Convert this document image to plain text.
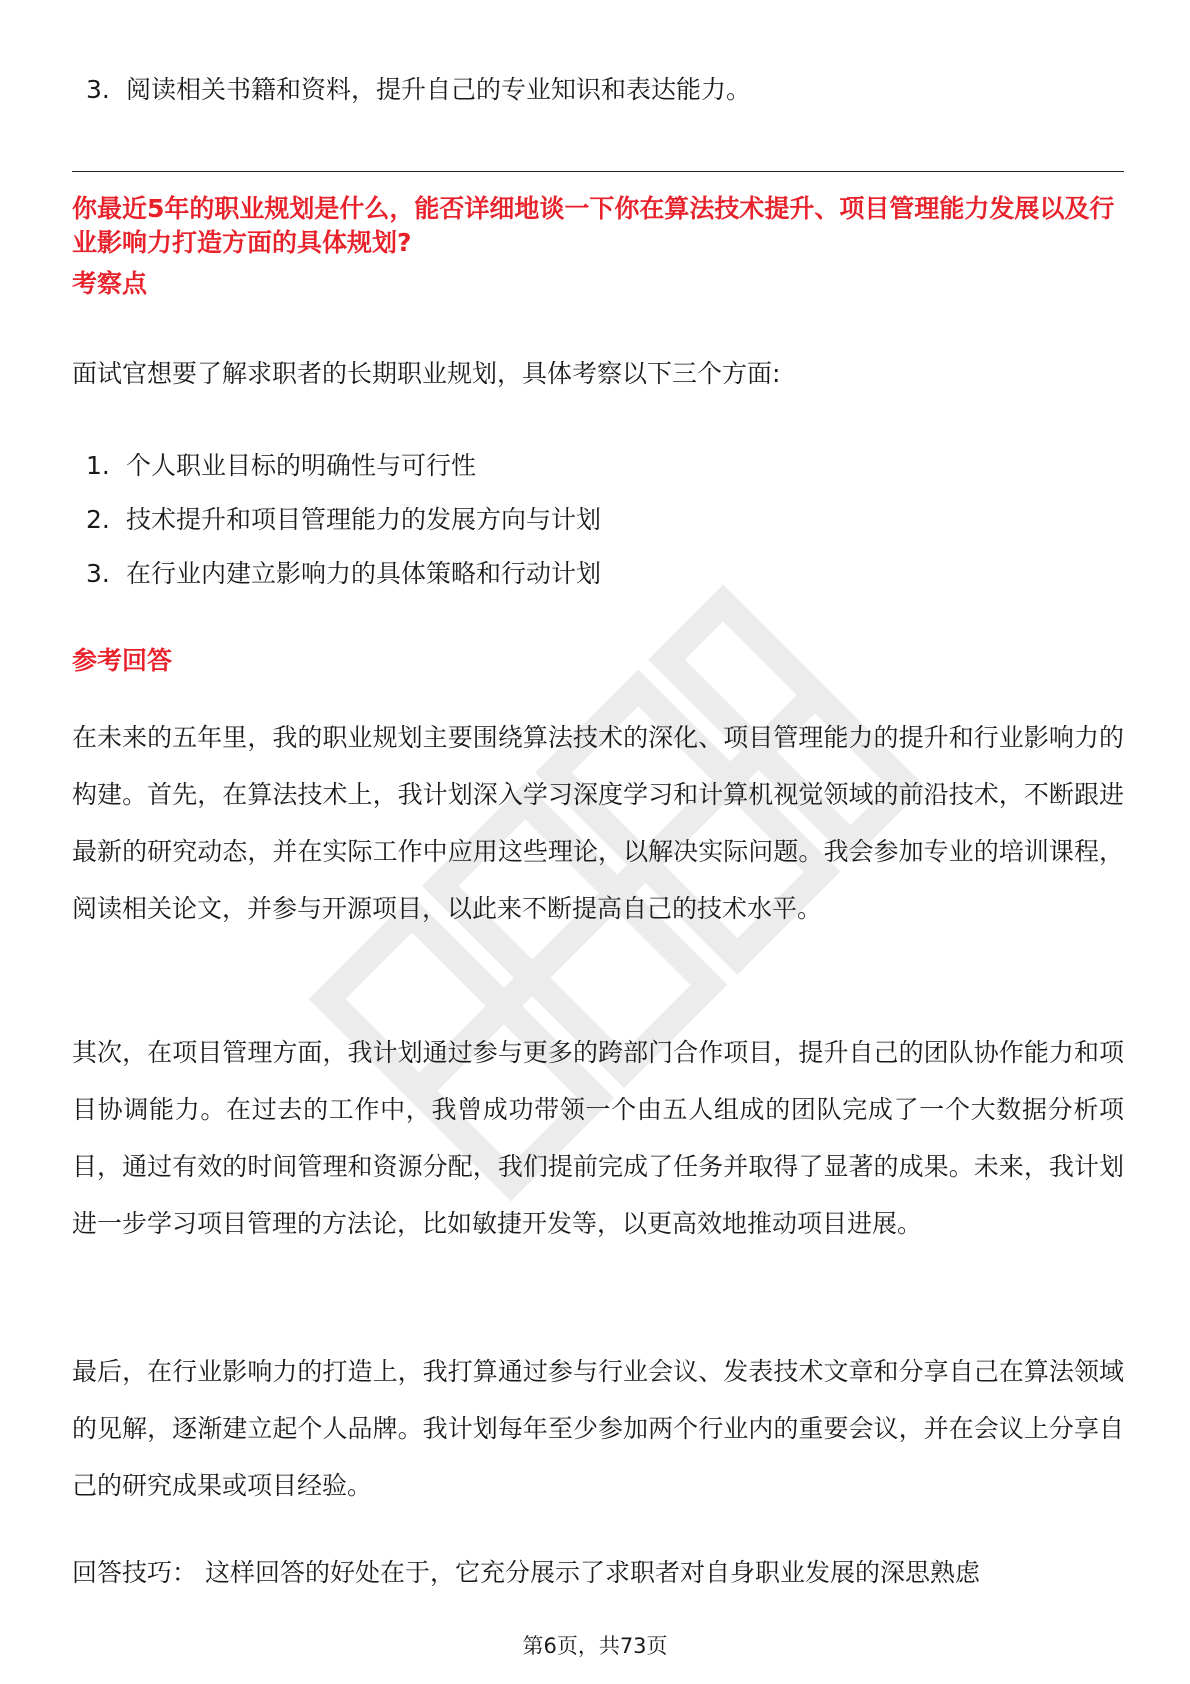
3. 阅读相关书籍和资料，提升自己的专业知识和表达能力。
你最近5年的职业规划是什么，能否详细地谈一下你在算法技术提升、项目管理能力发展以及行业影响力打造方面的具体规划?
考察点

面试官想要了解求职者的长期职业规划，具体考察以下三个方面:

1. 个人职业目标的明确性与可行性
2. 技术提升和项目管理能力的发展方向与计划
3. 在行业内建立影响力的具体策略和行动计划
参考回答

在未来的五年里，我的职业规划主要围绕算法技术的深化、项目管理能力的提升和行业影响力的构建。首先，在算法技术上，我计划深入学习深度学习和计算机视觉领域的前沿技术，不断跟进最新的研究动态，并在实际工作中应用这些理论，以解决实际问题。我会参加专业的培训课程，阅读相关论文，并参与开源项目，以此来不断提高自己的技术水平。

其次，在项目管理方面，我计划通过参与更多的跨部门合作项目，提升自己的团队协作能力和项目协调能力。在过去的工作中，我曾成功带领一个由五人组成的团队完成了一个大数据分析项目，通过有效的时间管理和资源分配，我们提前完成了任务并取得了显著的成果。未来，我计划进一步学习项目管理的方法论，比如敏捷开发等，以更高效地推动项目进展。

最后，在行业影响力的打造上，我打算通过参与行业会议、发表技术文章和分享自己在算法领域的见解，逐渐建立起个人品牌。我计划每年至少参加两个行业内的重要会议，并在会议上分享自己的研究成果或项目经验。

回答技巧： 这样回答的好处在于，它充分展示了求职者对自身职业发展的深思熟虑

第6页，共73页
